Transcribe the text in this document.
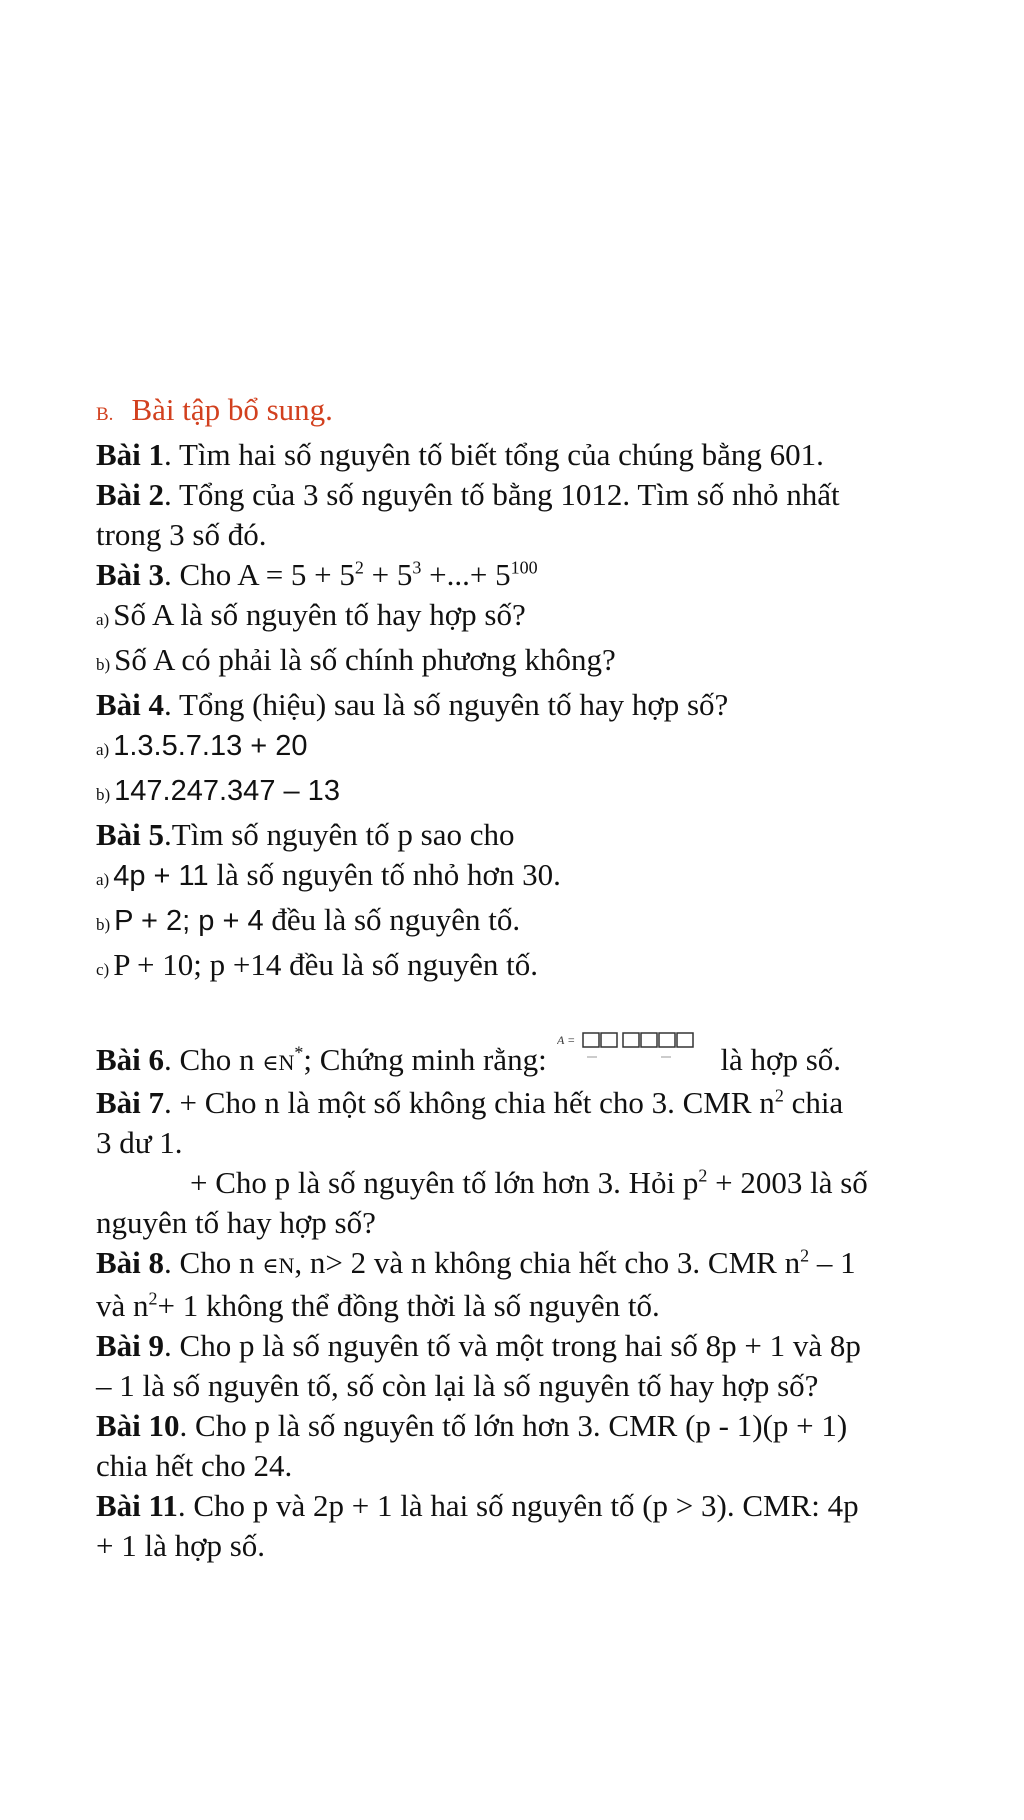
B. Bài tập bổ sung.
Bài 1. Tìm hai số nguyên tố biết tổng của chúng bằng 601.
Bài 2. Tổng của 3 số nguyên tố bằng 1012. Tìm số nhỏ nhất
trong 3 số đó.
Bài 3. Cho $A = 5 + 5^2 + 5^3$ +...+ $5^{100}$
a) Số A là số nguyên tố hay hợp số?
b) Số A có phải là số chính phương không?
Bài 4. Tổng (hiệu) sau là số nguyên tố hay hợp số?
a) 1.3.5.7.13 + 20
b) 147.247.347 – 13
Bài 5.Tìm số nguyên tố p sao cho
a) 4p + 11 là số nguyên tố nhỏ hơn 30.
b) P + 2; p + 4 đều là số nguyên tố.
c) P + 10; p +14 đều là số nguyên tố.
Bài 6. Cho n ∈N*; Chứng minh rằng:
A =
là hợp số.
Bài 7. + Cho n là một số không chia hết cho 3. CMR $n^2$ chia
3 dư 1.
+ Cho p là số nguyên tố lớn hơn 3. Hỏi $p^2 + 2003$ là số
nguyên tố hay hợp số?
Bài 8. Cho n ∈N, n> 2 và n không chia hết cho 3. CMR $n^2 - 1$
và $n^2+ 1$ không thể đồng thời là số nguyên tố.
Bài 9. Cho p là số nguyên tố và một trong hai số 8p + 1 và 8p
– 1 là số nguyên tố, số còn lại là số nguyên tố hay hợp số?
Bài 10. Cho p là số nguyên tố lớn hơn 3. CMR (p - 1)(p + 1)
chia hết cho 24.
Bài 11. Cho p và 2p + 1 là hai số nguyên tố (p > 3). CMR: 4p
+ 1 là hợp số.
